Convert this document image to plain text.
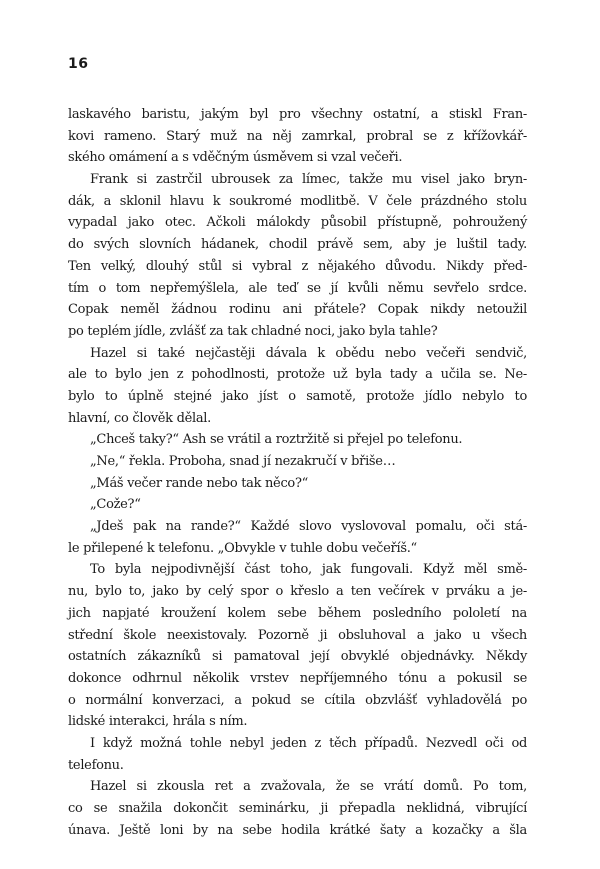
16
laskavého baristu, jakým byl pro všechny ostatní, a stiskl Fran-
kovi rameno. Starý muž na něj zamrkal, probral se z křížovkář-
ského omámení a s vděčným úsměvem si vzal večeři.
Frank si zastrčil ubrousek za límec, takže mu visel jako bryn-
dák, a sklonil hlavu k soukromé modlitbě. V čele prázdného stolu
vypadal jako otec. Ačkoli málokdy působil přístupně, pohroužený
do svých slovních hádanek, chodil právě sem, aby je luštil tady.
Ten velký, dlouhý stůl si vybral z nějakého důvodu. Nikdy před-
tím o tom nepřemýšlela, ale teď se jí kvůli němu sevřelo srdce.
Copak neměl žádnou rodinu ani přátele? Copak nikdy netoužil
po teplém jídle, zvlášť za tak chladné noci, jako byla tahle?
Hazel si také nejčastěji dávala k obědu nebo večeři sendvič,
ale to bylo jen z pohodlnosti, protože už byla tady a učila se. Ne-
bylo to úplně stejné jako jíst o samotě, protože jídlo nebylo to
hlavní, co člověk dělal.
„Chceš taky?“ Ash se vrátil a roztržitě si přejel po telefonu.
„Ne,“ řekla. Proboha, snad jí nezakručí v břiše…
„Máš večer rande nebo tak něco?“
„Cože?“
„Jdeš pak na rande?“ Každé slovo vyslovoval pomalu, oči stá-
le přilepené k telefonu. „Obvykle v tuhle dobu večeříš.“
To byla nejpodivnější část toho, jak fungovali. Když měl smě-
nu, bylo to, jako by celý spor o křeslo a ten večírek v prváku a je-
jich napjaté kroužení kolem sebe během posledního pololetí na
střední škole neexistovaly. Pozorně ji obsluhoval a jako u všech
ostatních zákazníků si pamatoval její obvyklé objednávky. Někdy
dokonce odhrnul několik vrstev nepříjemného tónu a pokusil se
o normální konverzaci, a pokud se cítila obzvlášť vyhladovělá po
lidské interakci, hrála s ním.
I když možná tohle nebyl jeden z těch případů. Nezvedl oči od
telefonu.
Hazel si zkousla ret a zvažovala, že se vrátí domů. Po tom,
co se snažila dokončit seminárku, ji přepadla neklidná, vibrující
únava. Ještě loni by na sebe hodila krátké šaty a kozačky a šla
